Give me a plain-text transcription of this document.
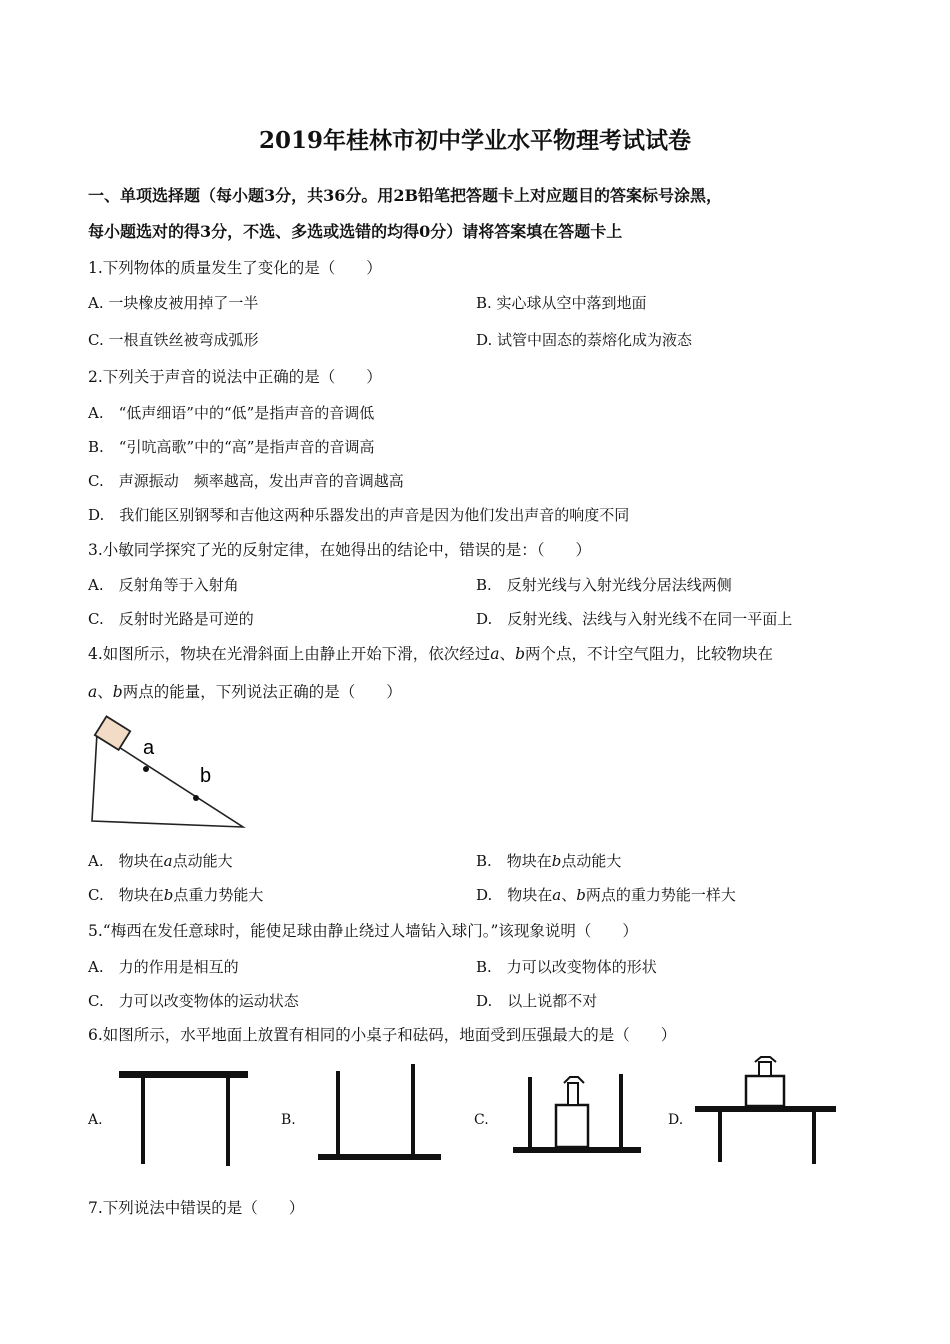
2019年桂林市初中学业水平物理考试试卷
一、单项选择题（每小题3分，共36分。用2B铅笔把答题卡上对应题目的答案标号涂黑，
每小题选对的得3分，不选、多选或选错的均得0分）请将答案填在答题卡上
1.下列物体的质量发生了变化的是（　　）
A. 一块橡皮被用掉了一半	B. 实心球从空中落到地面
C. 一根直铁丝被弯成弧形	D. 试管中固态的萘熔化成为液态
2.下列关于声音的说法中正确的是（　　）
A.　“低声细语”中的“低”是指声音的音调低
B.　“引吭高歌”中的“高”是指声音的音调高
C.　声源振动　频率越高，发出声音的音调越高
D.　我们能区别钢琴和吉他这两种乐器发出的声音是因为他们发出声音的响度不同
3.小敏同学探究了光的反射定律，在她得出的结论中，错误的是：（　　）
A.　反射角等于入射角	B.　反射光线与入射光线分居法线两侧
C.　反射时光路是可逆的	D.　反射光线、法线与入射光线不在同一平面上
4.如图所示，物块在光滑斜面上由静止开始下滑，依次经过a、b两个点，不计空气阻力，比较物块在
a、b两点的能量，下列说法正确的是（　　）
a
b
A.　物块在a点动能大	B.　物块在b点动能大
C.　物块在b点重力势能大	D.　物块在a、b两点的重力势能一样大
5.“梅西在发任意球时，能使足球由静止绕过人墙钻入球门。”该现象说明（　　）
A.　力的作用是相互的	B.　力可以改变物体的形状
C.　力可以改变物体的运动状态	D.　以上说都不对
6.如图所示，水平地面上放置有相同的小桌子和砝码，地面受到压强最大的是（　　）
A.	B.	C.	D.
7.下列说法中错误的是（　　）
